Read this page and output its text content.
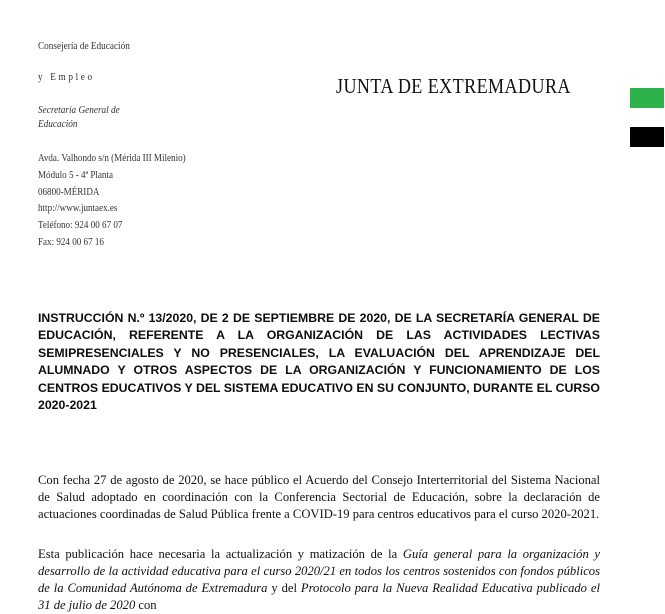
Consejería de Educación
y Empleo
Secretaría General de
Educación
Avda. Valhondo s/n (Mérida III Milenio)
Módulo 5 - 4ª Planta
06800-MÉRIDA
http://www.juntaex.es
Teléfono: 924 00 67 07
Fax: 924 00 67 16
JUNTA DE EXTREMADURA
INSTRUCCIÓN N.º 13/2020, DE 2 DE SEPTIEMBRE DE 2020, DE LA SECRETARÍA GENERAL DE EDUCACIÓN, REFERENTE A LA ORGANIZACIÓN DE LAS ACTIVIDADES LECTIVAS SEMIPRESENCIALES Y NO PRESENCIALES, LA EVALUACIÓN DEL APRENDIZAJE DEL ALUMNADO Y OTROS ASPECTOS DE LA ORGANIZACIÓN Y FUNCIONAMIENTO DE LOS CENTROS EDUCATIVOS Y DEL SISTEMA EDUCATIVO EN SU CONJUNTO, DURANTE EL CURSO 2020-2021

Con fecha 27 de agosto de 2020, se hace público el Acuerdo del Consejo Interterritorial del Sistema Nacional de Salud adoptado en coordinación con la Conferencia Sectorial de Educación, sobre la declaración de actuaciones coordinadas de Salud Pública frente a COVID-19 para centros educativos para el curso 2020-2021.

Esta publicación hace necesaria la actualización y matización de la Guía general para la organización y desarrollo de la actividad educativa para el curso 2020/21 en todos los centros sostenidos con fondos públicos de la Comunidad Autónoma de Extremadura y del Protocolo para la Nueva Realidad Educativa publicado el 31 de julio de 2020 con
